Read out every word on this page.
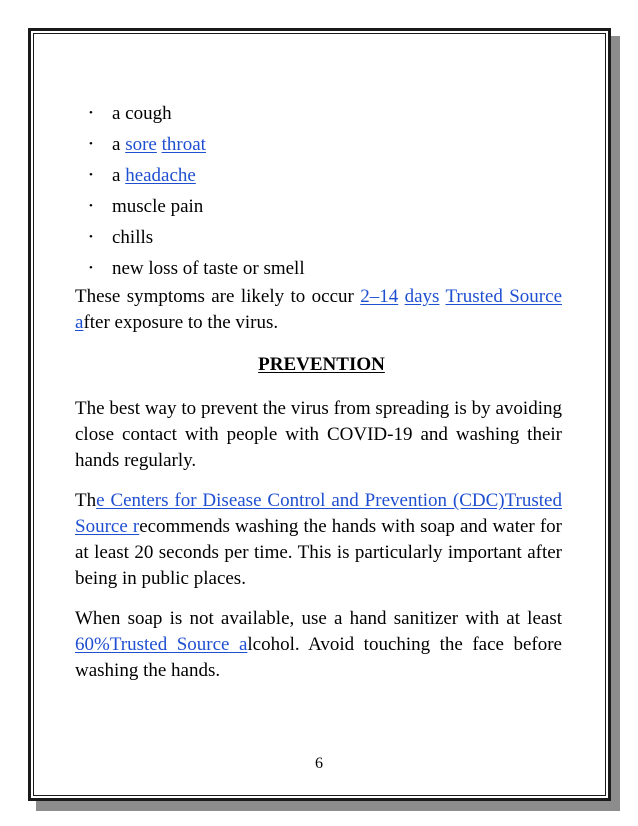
• a cough
• a sore throat
• a headache
• muscle pain
• chills
• new loss of taste or smell

These symptoms are likely to occur 2–14 days Trusted Source after exposure to the virus.

PREVENTION

The best way to prevent the virus from spreading is by avoiding close contact with people with COVID-19 and washing their hands regularly.

The Centers for Disease Control and Prevention (CDC)Trusted Source recommends washing the hands with soap and water for at least 20 seconds per time. This is particularly important after being in public places.

When soap is not available, use a hand sanitizer with at least 60%Trusted Source alcohol. Avoid touching the face before washing the hands.

6
